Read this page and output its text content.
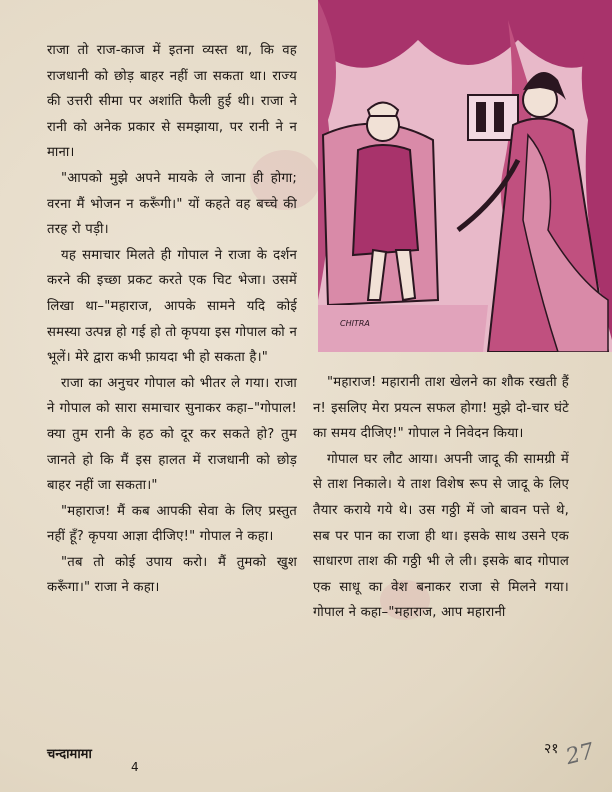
राजा तो राज-काज में इतना व्यस्त था, कि वह राजधानी को छोड़ बाहर नहीं जा सकता था। राज्य की उत्तरी सीमा पर अशांति फैली हुई थी। राजा ने रानी को अनेक प्रकार से समझाया, पर रानी ने न माना।

"आपको मुझे अपने मायके ले जाना ही होगा; वरना मैं भोजन न करूँगी।" यों कहते वह बच्चे की तरह रो पड़ी।

यह समाचार मिलते ही गोपाल ने राजा के दर्शन करने की इच्छा प्रकट करते एक चिट भेजा। उसमें लिखा था–"महाराज, आपके सामने यदि कोई समस्या उत्पन्न हो गई हो तो कृपया इस गोपाल को न भूलें। मेरे द्वारा कभी फ़ायदा भी हो सकता है।"

राजा का अनुचर गोपाल को भीतर ले गया। राजा ने गोपाल को सारा समाचार सुनाकर कहा–"गोपाल! क्या तुम रानी के हठ को दूर कर सकते हो? तुम जानते हो कि मैं इस हालत में राजधानी को छोड़ बाहर नहीं जा सकता।"

"महाराज! मैं कब आपकी सेवा के लिए प्रस्तुत नहीं हूँ? कृपया आज्ञा दीजिए!" गोपाल ने कहा।

"तब तो कोई उपाय करो। मैं तुमको खुश करूँगा।" राजा ने कहा।

CHITRA

"महाराज! महारानी ताश खेलने का शौक रखती हैं न! इसलिए मेरा प्रयत्न सफल होगा! मुझे दो-चार घंटे का समय दीजिए!" गोपाल ने निवेदन किया।

गोपाल घर लौट आया। अपनी जादू की सामग्री में से ताश निकाले। ये ताश विशेष रूप से जादू के लिए तैयार कराये गये थे। उस गठ्ठी में जो बावन पत्ते थे, सब पर पान का राजा ही था। इसके साथ उसने एक साधारण ताश की गठ्ठी भी ले ली। इसके बाद गोपाल एक साधू का वेश बनाकर राजा से मिलने गया। गोपाल ने कहा–"महाराज, आप महारानी

चन्दामामा
4
२१ 27
